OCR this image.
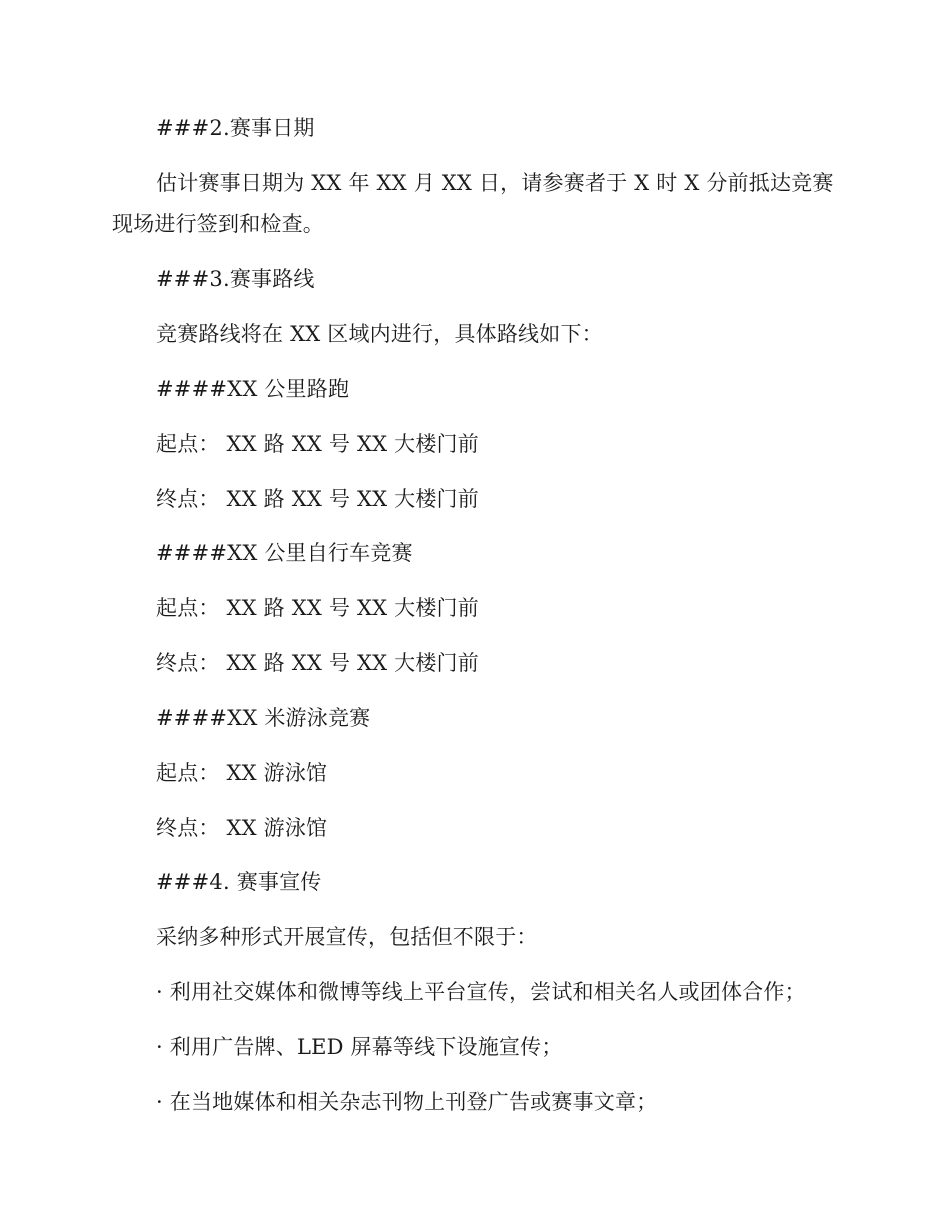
###2.赛事日期
估计赛事日期为 XX 年 XX 月 XX 日，请参赛者于 X 时 X 分前抵达竞赛
现场进行签到和检查。
###3.赛事路线
竞赛路线将在 XX 区域内进行，具体路线如下：
####XX 公里路跑
起点： XX 路 XX 号 XX 大楼门前
终点： XX 路 XX 号 XX 大楼门前
####XX 公里自行车竞赛
起点： XX 路 XX 号 XX 大楼门前
终点： XX 路 XX 号 XX 大楼门前
####XX 米游泳竞赛
起点： XX 游泳馆
终点： XX 游泳馆
###4. 赛事宣传
采纳多种形式开展宣传，包括但不限于：
· 利用社交媒体和微博等线上平台宣传，尝试和相关名人或团体合作；
· 利用广告牌、LED 屏幕等线下设施宣传；
· 在当地媒体和相关杂志刊物上刊登广告或赛事文章；
